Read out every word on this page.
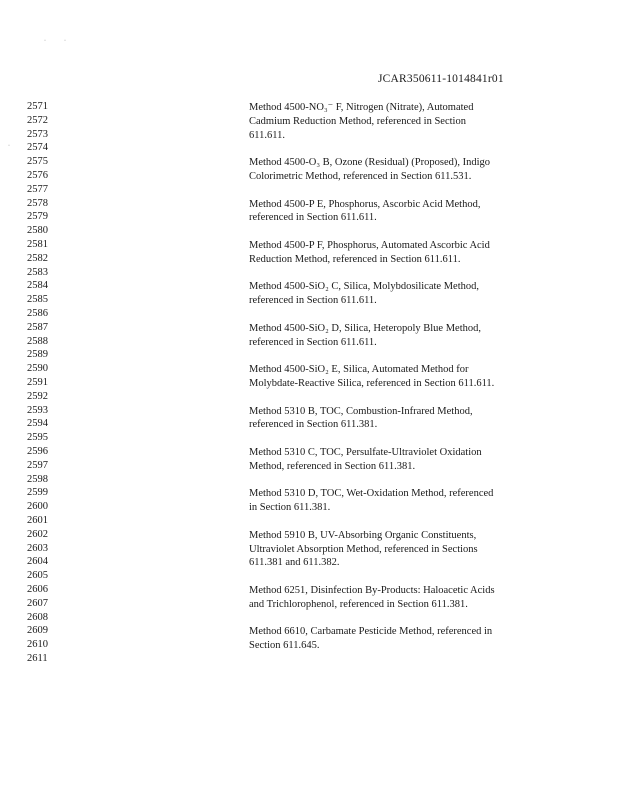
·	·
·
JCAR350611-1014841r01
2571
2572
2573
2574
2575
2576
2577
2578
2579
2580
2581
2582
2583
2584
2585
2586
2587
2588
2589
2590
2591
2592
2593
2594
2595
2596
2597
2598
2599
2600
2601
2602
2603
2604
2605
2606
2607
2608
2609
2610
2611
Method 4500-NO₃⁻ F, Nitrogen (Nitrate), Automated
Cadmium Reduction Method, referenced in Section
611.611.
Method 4500-O₃ B, Ozone (Residual) (Proposed), Indigo
Colorimetric Method, referenced in Section 611.531.
Method 4500-P E, Phosphorus, Ascorbic Acid Method,
referenced in Section 611.611.
Method 4500-P F, Phosphorus, Automated Ascorbic Acid
Reduction Method, referenced in Section 611.611.
Method 4500-SiO₂ C, Silica, Molybdosilicate Method,
referenced in Section 611.611.
Method 4500-SiO₂ D, Silica, Heteropoly Blue Method,
referenced in Section 611.611.
Method 4500-SiO₂ E, Silica, Automated Method for
Molybdate-Reactive Silica, referenced in Section 611.611.
Method 5310 B, TOC, Combustion-Infrared Method,
referenced in Section 611.381.
Method 5310 C, TOC, Persulfate-Ultraviolet Oxidation
Method, referenced in Section 611.381.
Method 5310 D, TOC, Wet-Oxidation Method, referenced
in Section 611.381.
Method 5910 B, UV-Absorbing Organic Constituents,
Ultraviolet Absorption Method, referenced in Sections
611.381 and 611.382.
Method 6251, Disinfection By-Products: Haloacetic Acids
and Trichlorophenol, referenced in Section 611.381.
Method 6610, Carbamate Pesticide Method, referenced in
Section 611.645.
